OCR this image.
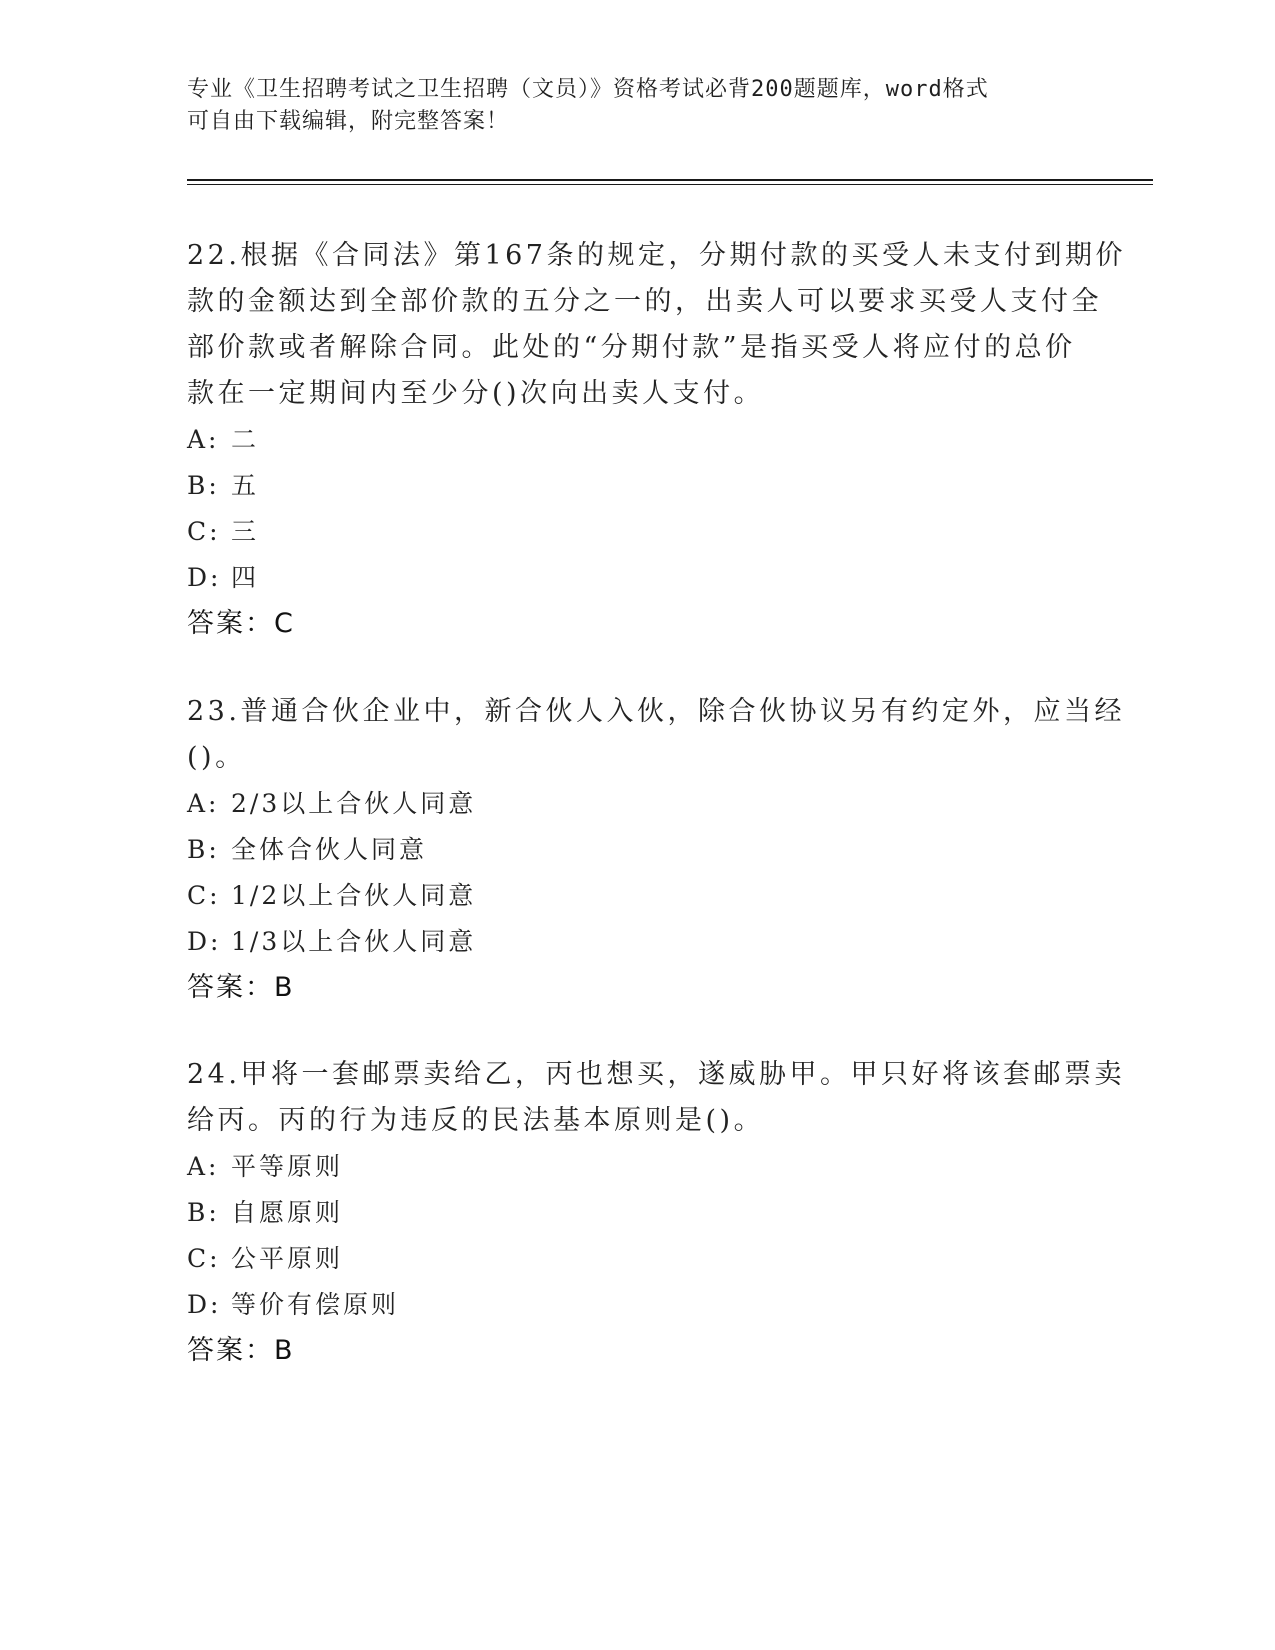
专业《卫生招聘考试之卫生招聘（文员）》资格考试必背200题题库，word格式
可自由下载编辑，附完整答案！
22.根据《合同法》第167条的规定，分期付款的买受人未支付到期价
款的金额达到全部价款的五分之一的，出卖人可以要求买受人支付全
部价款或者解除合同。此处的“分期付款”是指买受人将应付的总价
款在一定期间内至少分()次向出卖人支付。
A: 二
B: 五
C: 三
D: 四
答案：C
23.普通合伙企业中，新合伙人入伙，除合伙协议另有约定外，应当经
()。
A: 2/3以上合伙人同意
B: 全体合伙人同意
C: 1/2以上合伙人同意
D: 1/3以上合伙人同意
答案：B
24.甲将一套邮票卖给乙，丙也想买，遂威胁甲。甲只好将该套邮票卖
给丙。丙的行为违反的民法基本原则是()。
A: 平等原则
B: 自愿原则
C: 公平原则
D: 等价有偿原则
答案：B
